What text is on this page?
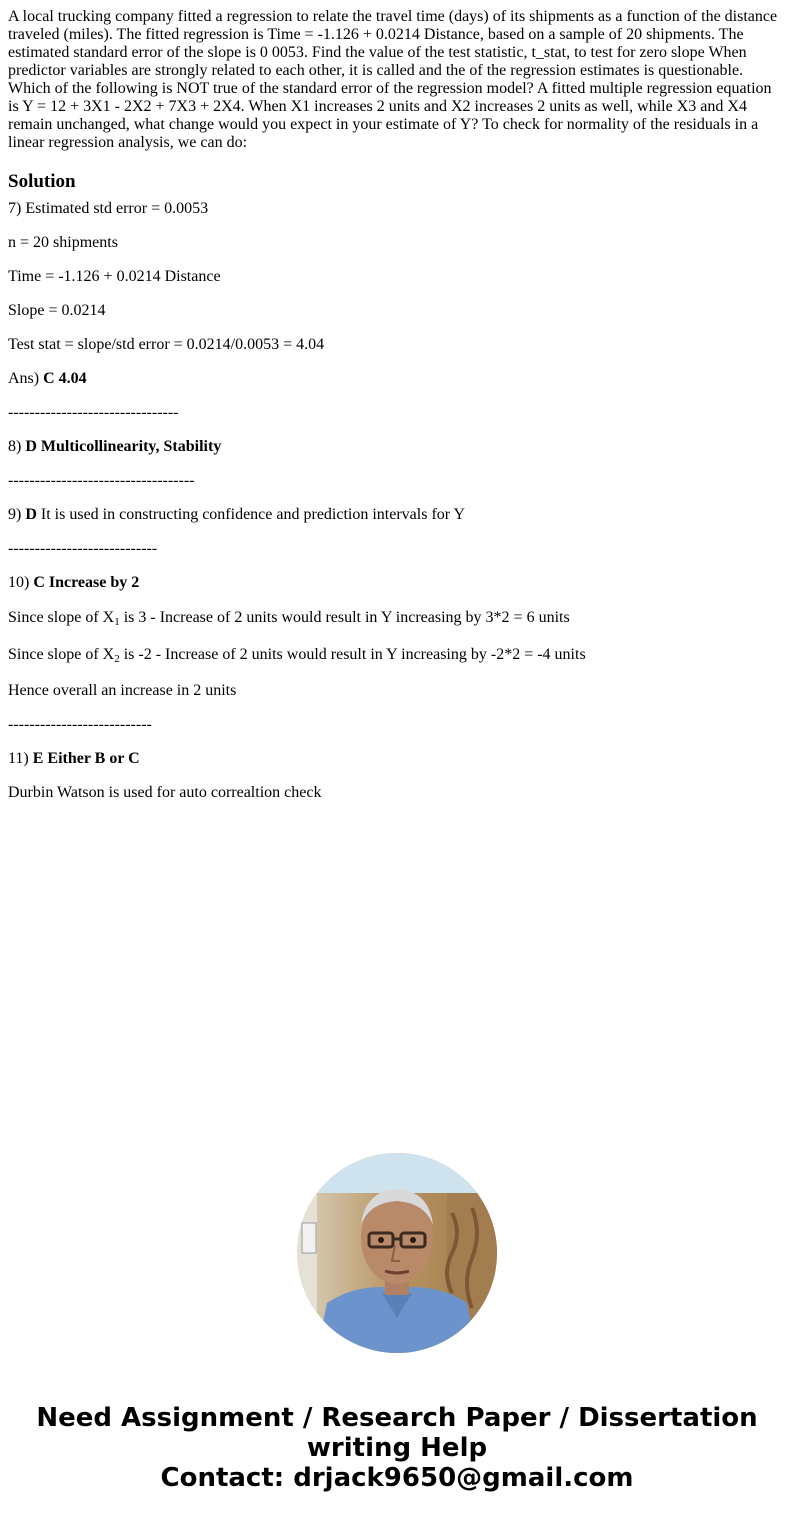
A local trucking company fitted a regression to relate the travel time (days) of its shipments as a function of the distance traveled (miles). The fitted regression is Time = -1.126 + 0.0214 Distance, based on a sample of 20 shipments. The estimated standard error of the slope is 0 0053. Find the value of the test statistic, t_stat, to test for zero slope When predictor variables are strongly related to each other, it is called and the of the regression estimates is questionable. Which of the following is NOT true of the standard error of the regression model? A fitted multiple regression equation is Y = 12 + 3X1 - 2X2 + 7X3 + 2X4. When X1 increases 2 units and X2 increases 2 units as well, while X3 and X4 remain unchanged, what change would you expect in your estimate of Y? To check for normality of the residuals in a linear regression analysis, we can do:

Solution

7) Estimated std error = 0.0053

n = 20 shipments

Time = -1.126 + 0.0214 Distance

Slope = 0.0214

Test stat = slope/std error = 0.0214/0.0053 = 4.04

Ans) C 4.04

--------------------------------

8) D Multicollinearity, Stability

-----------------------------------

9) D It is used in constructing confidence and prediction intervals for Y

----------------------------

10) C Increase by 2

Since slope of $X_1$ is 3 - Increase of 2 units would result in Y increasing by 3*2 = 6 units

Since slope of $X_2$ is -2 - Increase of 2 units would result in Y increasing by -2*2 = -4 units

Hence overall an increase in 2 units

---------------------------

11) E Either B or C

Durbin Watson is used for auto correaltion check

Need Assignment / Research Paper / Dissertation
writing Help
Contact: drjack9650@gmail.com
